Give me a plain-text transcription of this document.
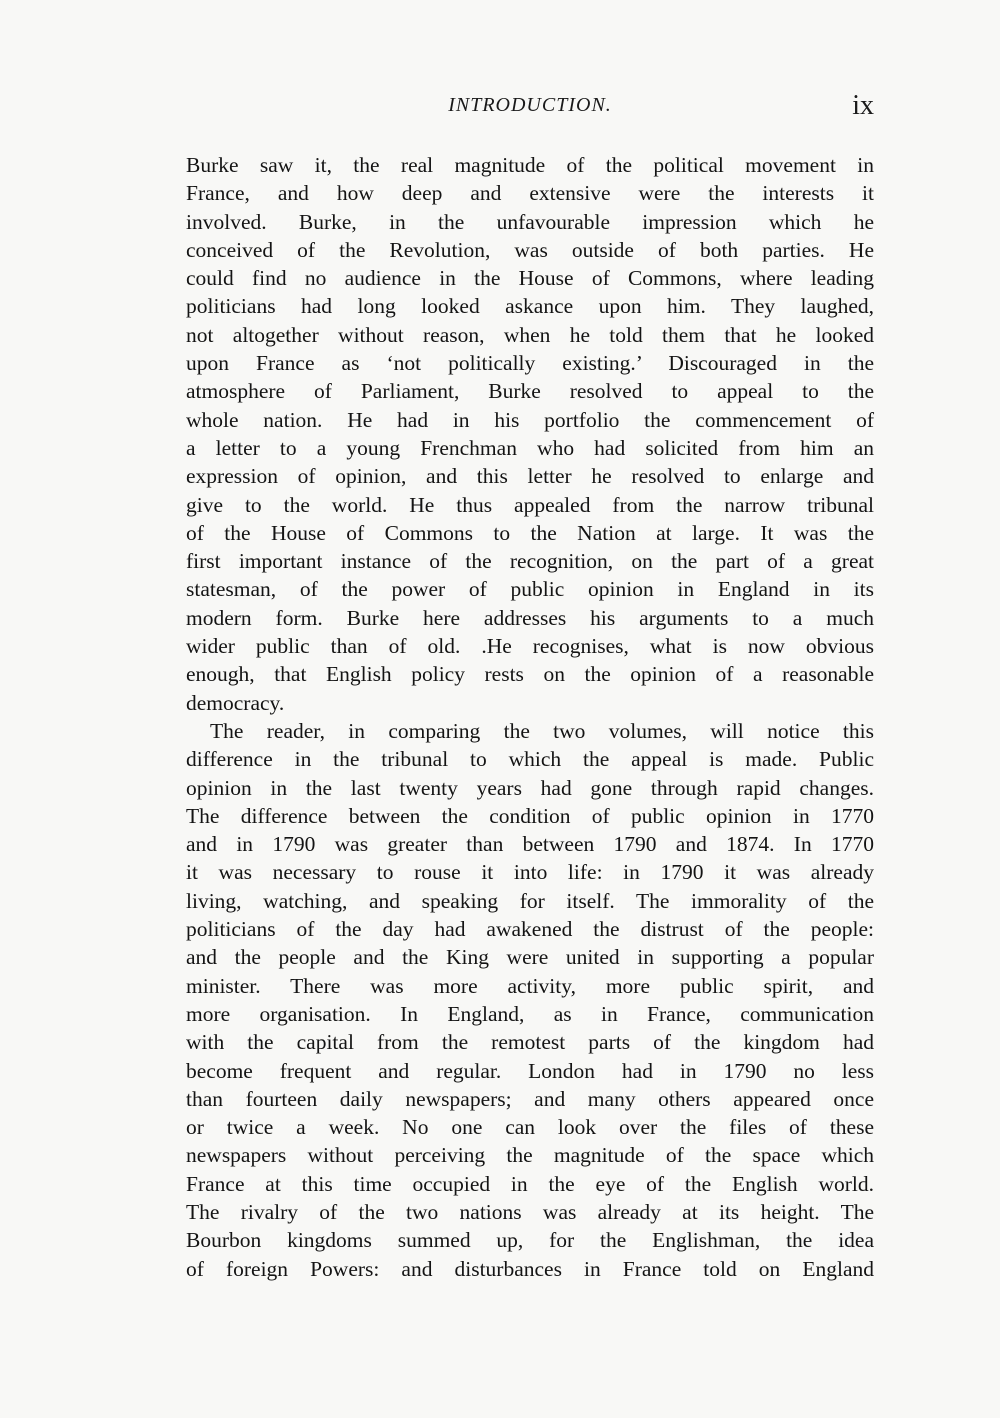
INTRODUCTION.	ix
Burke saw it, the real magnitude of the political movement in
France, and how deep and extensive were the interests it
involved. Burke, in the unfavourable impression which he
conceived of the Revolution, was outside of both parties. He
could find no audience in the House of Commons, where leading
politicians had long looked askance upon him. They laughed,
not altogether without reason, when he told them that he looked
upon France as ‘not politically existing.’ Discouraged in the
atmosphere of Parliament, Burke resolved to appeal to the
whole nation. He had in his portfolio the commencement of
a letter to a young Frenchman who had solicited from him an
expression of opinion, and this letter he resolved to enlarge and
give to the world. He thus appealed from the narrow tribunal
of the House of Commons to the Nation at large. It was the
first important instance of the recognition, on the part of a great
statesman, of the power of public opinion in England in its
modern form. Burke here addresses his arguments to a much
wider public than of old. .He recognises, what is now obvious
enough, that English policy rests on the opinion of a reasonable
democracy.
The reader, in comparing the two volumes, will notice this
difference in the tribunal to which the appeal is made. Public
opinion in the last twenty years had gone through rapid changes.
The difference between the condition of public opinion in 1770
and in 1790 was greater than between 1790 and 1874. In 1770
it was necessary to rouse it into life: in 1790 it was already
living, watching, and speaking for itself. The immorality of the
politicians of the day had awakened the distrust of the people:
and the people and the King were united in supporting a popular
minister. There was more activity, more public spirit, and
more organisation. In England, as in France, communication
with the capital from the remotest parts of the kingdom had
become frequent and regular. London had in 1790 no less
than fourteen daily newspapers; and many others appeared once
or twice a week. No one can look over the files of these
newspapers without perceiving the magnitude of the space which
France at this time occupied in the eye of the English world.
The rivalry of the two nations was already at its height. The
Bourbon kingdoms summed up, for the Englishman, the idea
of foreign Powers: and disturbances in France told on England
